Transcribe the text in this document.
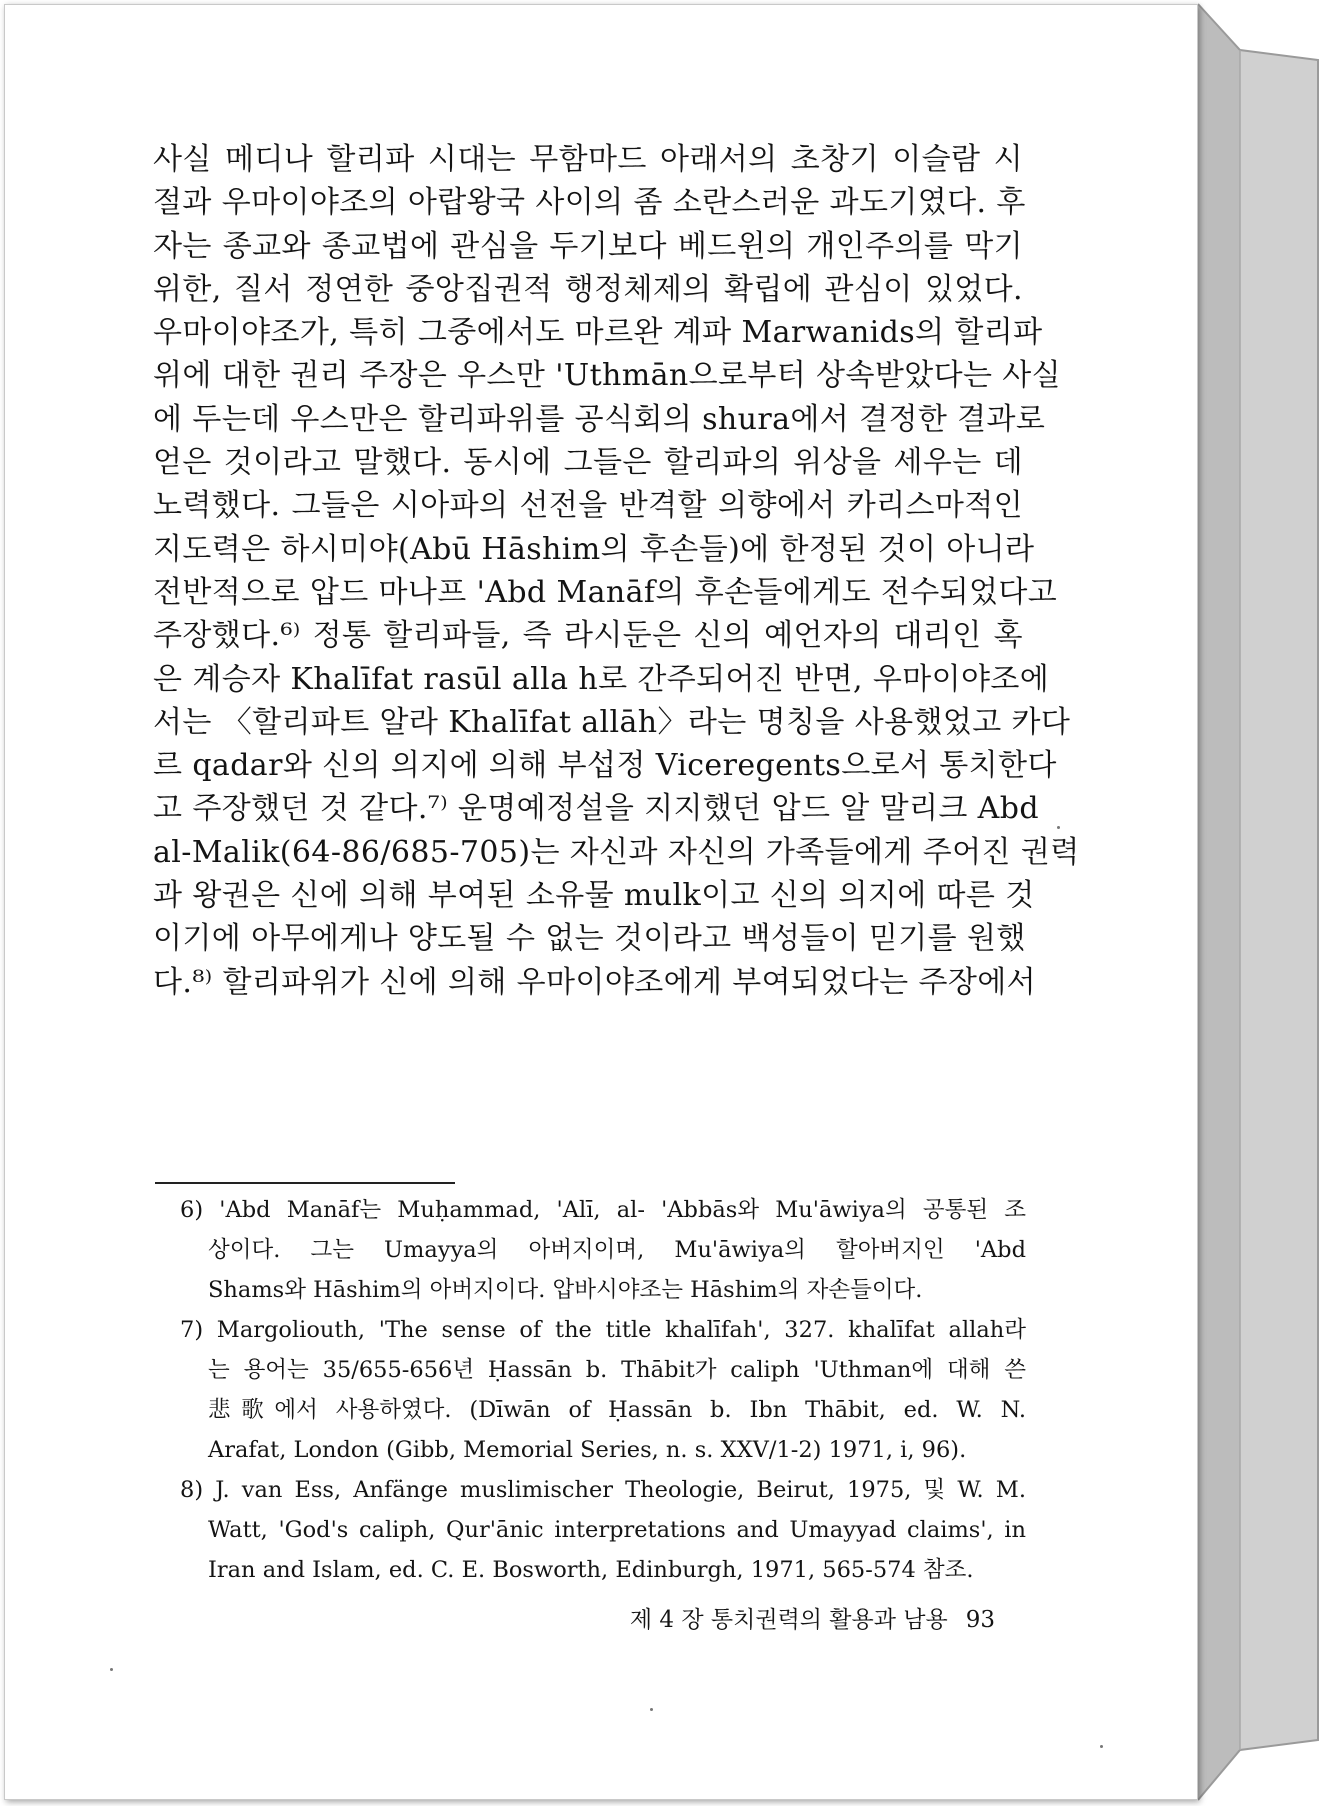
사실 메디나 할리파 시대는 무함마드 아래서의 초창기 이슬람 시
절과 우마이야조의 아랍왕국 사이의 좀 소란스러운 과도기였다. 후
자는 종교와 종교법에 관심을 두기보다 베드윈의 개인주의를 막기
위한, 질서 정연한 중앙집권적 행정체제의 확립에 관심이 있었다.
우마이야조가, 특히 그중에서도 마르완 계파 Marwanids의 할리파
위에 대한 권리 주장은 우스만 'Uthmān으로부터 상속받았다는 사실
에 두는데 우스만은 할리파위를 공식회의 shura에서 결정한 결과로
얻은 것이라고 말했다. 동시에 그들은 할리파의 위상을 세우는 데
노력했다. 그들은 시아파의 선전을 반격할 의향에서 카리스마적인
지도력은 하시미야(Abū Hāshim의 후손들)에 한정된 것이 아니라
전반적으로 압드 마나프 'Abd Manāf의 후손들에게도 전수되었다고
주장했다.⁶⁾ 정통 할리파들, 즉 라시둔은 신의 예언자의 대리인 혹
은 계승자 Khalīfat rasūl alla h로 간주되어진 반면, 우마이야조에
서는 〈할리파트 알라 Khalīfat allāh〉라는 명칭을 사용했었고 카다
르 qadar와 신의 의지에 의해 부섭정 Viceregents으로서 통치한다
고 주장했던 것 같다.⁷⁾ 운명예정설을 지지했던 압드 알 말리크 Abd
al-Malik(64-86/685-705)는 자신과 자신의 가족들에게 주어진 권력
과 왕권은 신에 의해 부여된 소유물 mulk이고 신의 의지에 따른 것
이기에 아무에게나 양도될 수 없는 것이라고 백성들이 믿기를 원했
다.⁸⁾ 할리파위가 신에 의해 우마이야조에게 부여되었다는 주장에서
6) 'Abd Manāf는 Muḥammad, 'Alī, al- 'Abbās와 Mu'āwiya의 공통된 조
상이다. 그는 Umayya의 아버지이며, Mu'āwiya의 할아버지인 'Abd
Shams와 Hāshim의 아버지이다. 압바시야조는 Hāshim의 자손들이다.
7) Margoliouth, 'The sense of the title khalīfah', 327. khalīfat allah라
는 용어는 35/655-656년 Ḥassān b. Thābit가 caliph 'Uthman에 대해 쓴
悲歌에서 사용하였다. (Dīwān of Ḥassān b. Ibn Thābit, ed. W. N.
Arafat, London (Gibb, Memorial Series, n. s. XXV/1-2) 1971, i, 96).
8) J. van Ess, Anfänge muslimischer Theologie, Beirut, 1975, 및 W. M.
Watt, 'God's caliph, Qur'ānic interpretations and Umayyad claims', in
Iran and Islam, ed. C. E. Bosworth, Edinburgh, 1971, 565-574 참조.
제 4 장 통치권력의 활용과 남용 93
